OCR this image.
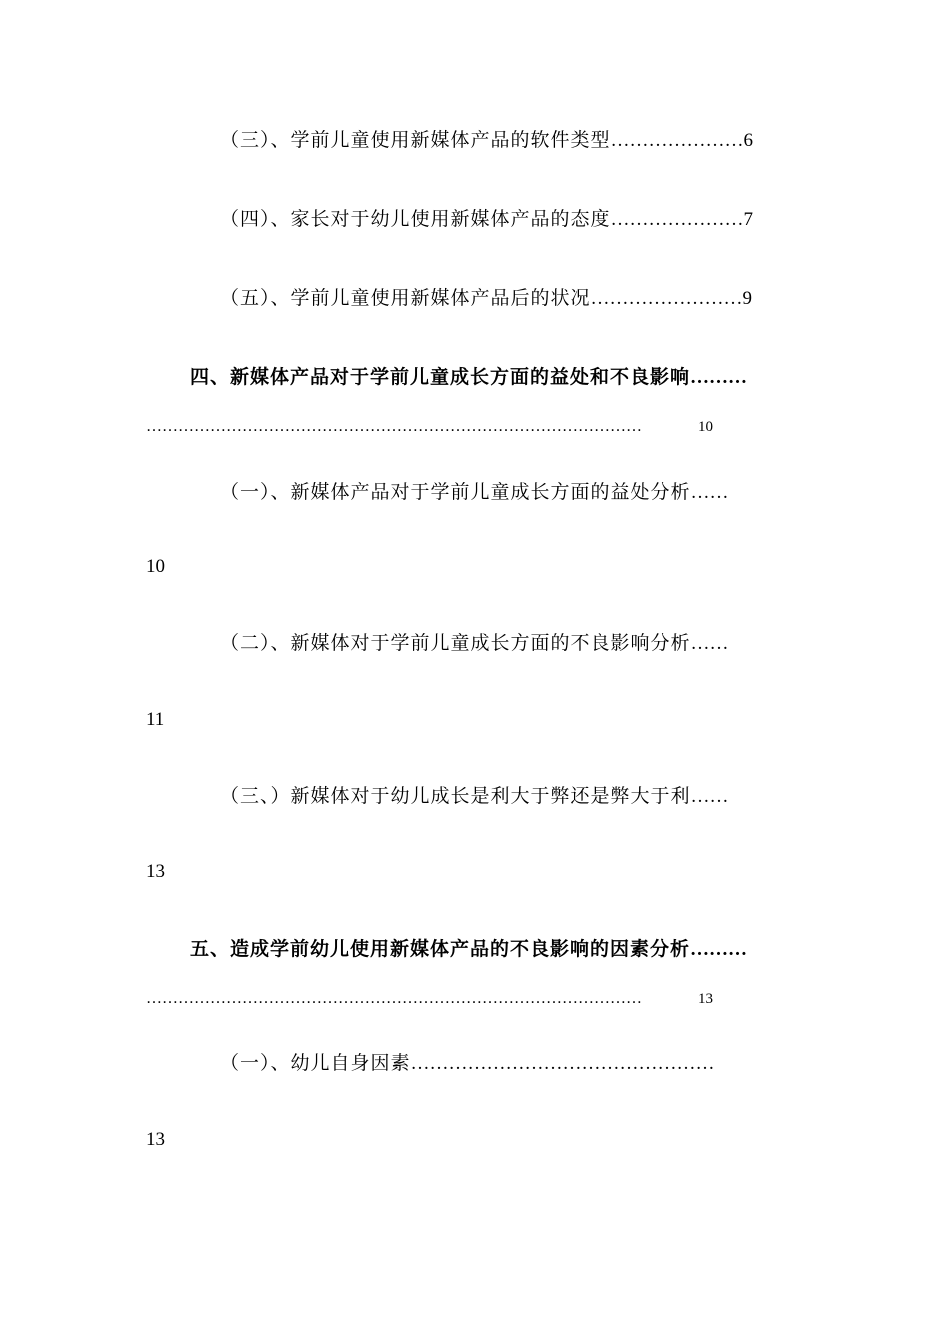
（三）、学前儿童使用新媒体产品的软件类型…………………6
（四）、家长对于幼儿使用新媒体产品的态度…………………7
（五）、学前儿童使用新媒体产品后的状况……………………9
四、新媒体产品对于学前儿童成长方面的益处和不良影响………
…………………………………………………………………………………	10
（一）、新媒体产品对于学前儿童成长方面的益处分析……
10
（二）、新媒体对于学前儿童成长方面的不良影响分析……
11
（三、）新媒体对于幼儿成长是利大于弊还是弊大于利……
13
五、造成学前幼儿使用新媒体产品的不良影响的因素分析………
…………………………………………………………………………………	13
（一）、幼儿自身因素…………………………………………
13
